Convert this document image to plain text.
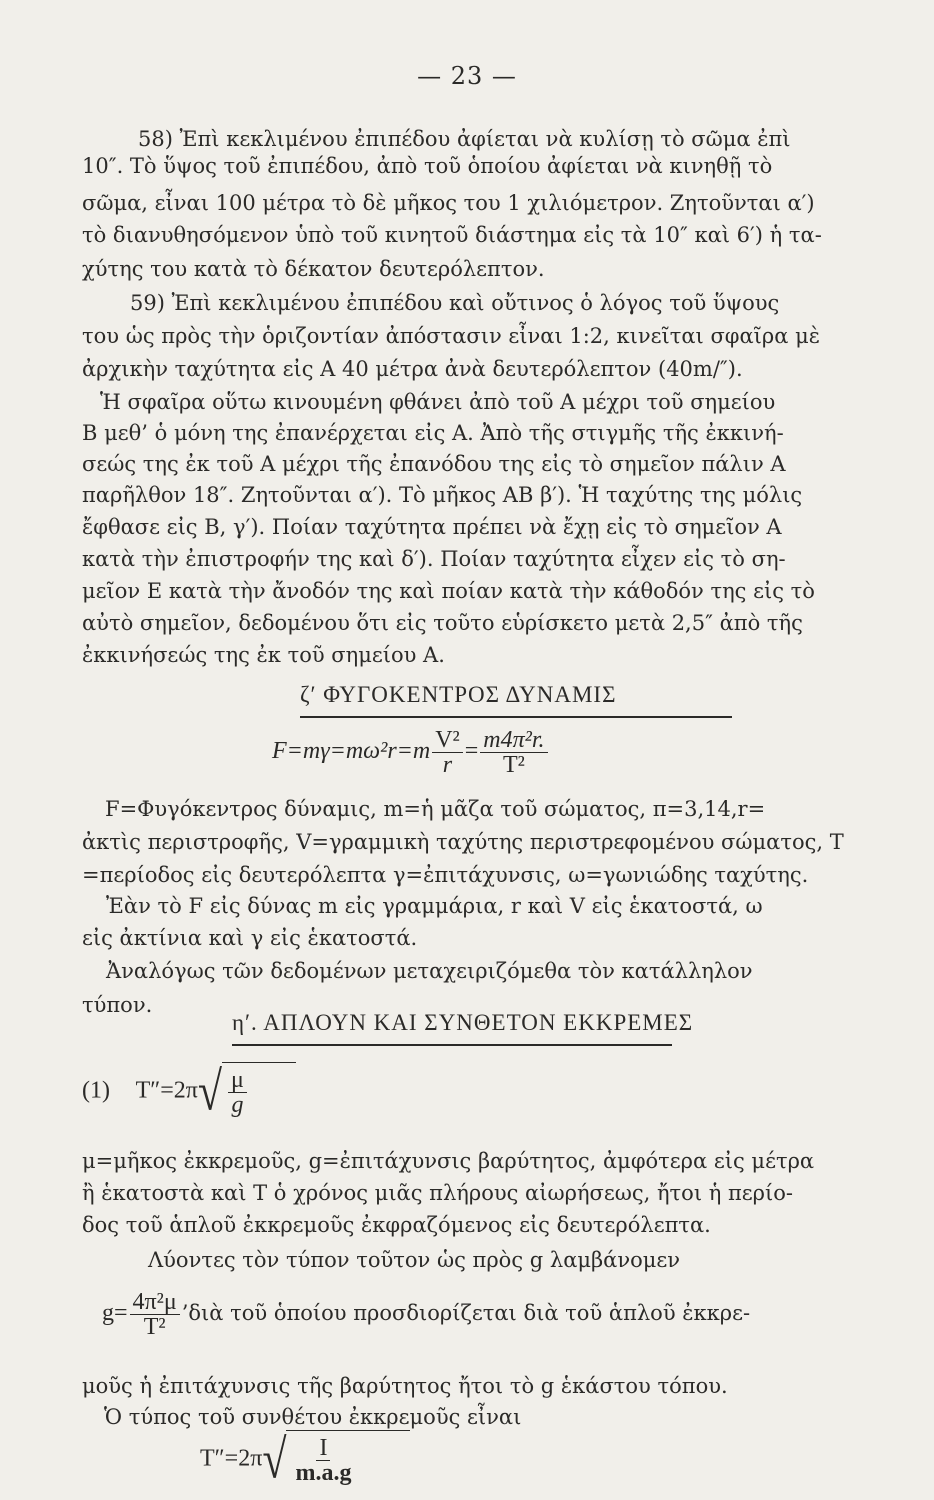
— 23 —
58) Ἐπὶ κεκλιμένου ἐπιπέδου ἀφίεται νὰ κυλίσῃ τὸ σῶμα ἐπὶ
10″. Τὸ ὕψος τοῦ ἐπιπέδου, ἀπὸ τοῦ ὁποίου ἀφίεται νὰ κινηθῇ τὸ
σῶμα, εἶναι 100 μέτρα τὸ δὲ μῆκος του 1 χιλιόμετρον. Ζητοῦνται α′)
τὸ διανυθησόμενον ὑπὸ τοῦ κινητοῦ διάστημα εἰς τὰ 10″ καὶ 6′) ἡ τα-
χύτης του κατὰ τὸ δέκατον δευτερόλεπτον.
59) Ἐπὶ κεκλιμένου ἐπιπέδου καὶ οὔτινος ὁ λόγος τοῦ ὕψους
του ὡς πρὸς τὴν ὁριζοντίαν ἀπόστασιν εἶναι 1:2, κινεῖται σφαῖρα μὲ
ἀρχικὴν ταχύτητα εἰς Α 40 μέτρα ἀνὰ δευτερόλεπτον (40m/″).
Ἡ σφαῖρα οὕτω κινουμένη φθάνει ἀπὸ τοῦ Α μέχρι τοῦ σημείου
Β μεθ’ ὁ μόνη της ἐπανέρχεται εἰς Α. Ἀπὸ τῆς στιγμῆς τῆς ἐκκινή-
σεώς της ἐκ τοῦ Α μέχρι τῆς ἐπανόδου της εἰς τὸ σημεῖον πάλιν Α
παρῆλθον 18″. Ζητοῦνται α′). Τὸ μῆκος ΑΒ β′). Ἡ ταχύτης της μόλις
ἔφθασε εἰς Β, γ′). Ποίαν ταχύτητα πρέπει νὰ ἔχῃ εἰς τὸ σημεῖον Α
κατὰ τὴν ἐπιστροφήν της καὶ δ′). Ποίαν ταχύτητα εἶχεν εἰς τὸ ση-
μεῖον Ε κατὰ τὴν ἄνοδόν της καὶ ποίαν κατὰ τὴν κάθοδόν της εἰς τὸ
αὐτὸ σημεῖον, δεδομένου ὅτι εἰς τοῦτο εὑρίσκετο μετὰ 2,5″ ἀπὸ τῆς
ἐκκινήσεώς της ἐκ τοῦ σημείου Α.
ζ′ ΦΥΓΟΚΕΝΤΡΟΣ ΔΥΝΑΜΙΣ
$F=m\gamma=m\omega^2r=m \frac{\text{V²}}{r} = \frac{\text{m4π²r.}}{\text{T²}}$
F=Φυγόκεντρος δύναμις, m=ἡ μᾶζα τοῦ σώματος, π=3,14,r=
ἀκτὶς περιστροφῆς, V=γραμμικὴ ταχύτης περιστρεφομένου σώματος, Τ
=περίοδος εἰς δευτερόλεπτα γ=ἐπιτάχυνσις, ω=γωνιώδης ταχύτης.
Ἐὰν τὸ F εἰς δύνας m εἰς γραμμάρια, r καὶ V εἰς ἑκατοστά, ω
εἰς ἀκτίνια καὶ γ εἰς ἑκατοστά.
Ἀναλόγως τῶν δεδομένων μεταχειριζόμεθα τὸν κατάλληλον
τύπον.
η′. ΑΠΛΟΥΝ ΚΑΙ ΣΥΝΘΕΤΟΝ ΕΚΚΡΕΜΕΣ
(1) T″=2π √ $\frac{\mu}{g}$
μ=μῆκος ἐκκρεμοῦς, g=ἐπιτάχυνσις βαρύτητος, ἀμφότερα εἰς μέτρα
ἢ ἑκατοστὰ καὶ Τ ὁ χρόνος μιᾶς πλήρους αἰωρήσεως, ἤτοι ἡ περίο-
δος τοῦ ἁπλοῦ ἐκκρεμοῦς ἐκφραζόμενος εἰς δευτερόλεπτα.
Λύοντες τὸν τύπον τοῦτον ὡς πρὸς g λαμβάνομεν
$g= \frac{\text{4π²μ}}{\text{T²}}$ ’διὰ τοῦ ὁποίου προσδιορίζεται διὰ τοῦ ἁπλοῦ ἐκκρε-
μοῦς ἡ ἐπιτάχυνσις τῆς βαρύτητος ἤτοι τὸ g ἑκάστου τόπου.
Ὁ τύπος τοῦ συνθέτου ἐκκρεμοῦς εἶναι
T″=2π √ $\frac{I}{m.a.g}$
